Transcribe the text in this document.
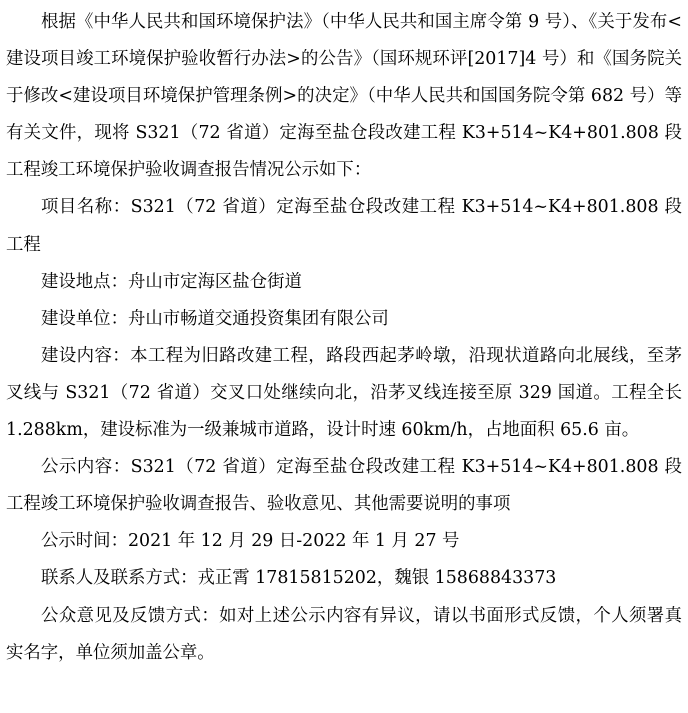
根据《中华人民共和国环境保护法》（中华人民共和国主席令第 9 号）、《关于发布<建设项目竣工环境保护验收暂行办法>的公告》（国环规环评[2017]4 号）和《国务院关于修改<建设项目环境保护管理条例>的决定》（中华人民共和国国务院令第 682 号）等有关文件，现将 S321（72 省道）定海至盐仓段改建工程 K3+514~K4+801.808 段工程竣工环境保护验收调查报告情况公示如下：

项目名称：S321（72 省道）定海至盐仓段改建工程 K3+514~K4+801.808 段工程

建设地点：舟山市定海区盐仓街道

建设单位：舟山市畅道交通投资集团有限公司

建设内容：本工程为旧路改建工程，路段西起茅岭墩，沿现状道路向北展线，至茅叉线与 S321（72 省道）交叉口处继续向北，沿茅叉线连接至原 329 国道。工程全长 1.288km，建设标准为一级兼城市道路，设计时速 60km/h，占地面积 65.6 亩。

公示内容：S321（72 省道）定海至盐仓段改建工程 K3+514~K4+801.808 段工程竣工环境保护验收调查报告、验收意见、其他需要说明的事项

公示时间：2021 年 12 月 29 日-2022 年 1 月 27 号

联系人及联系方式：戎正霄 17815815202，魏银 15868843373

公众意见及反馈方式：如对上述公示内容有异议，请以书面形式反馈，个人须署真实名字，单位须加盖公章。
